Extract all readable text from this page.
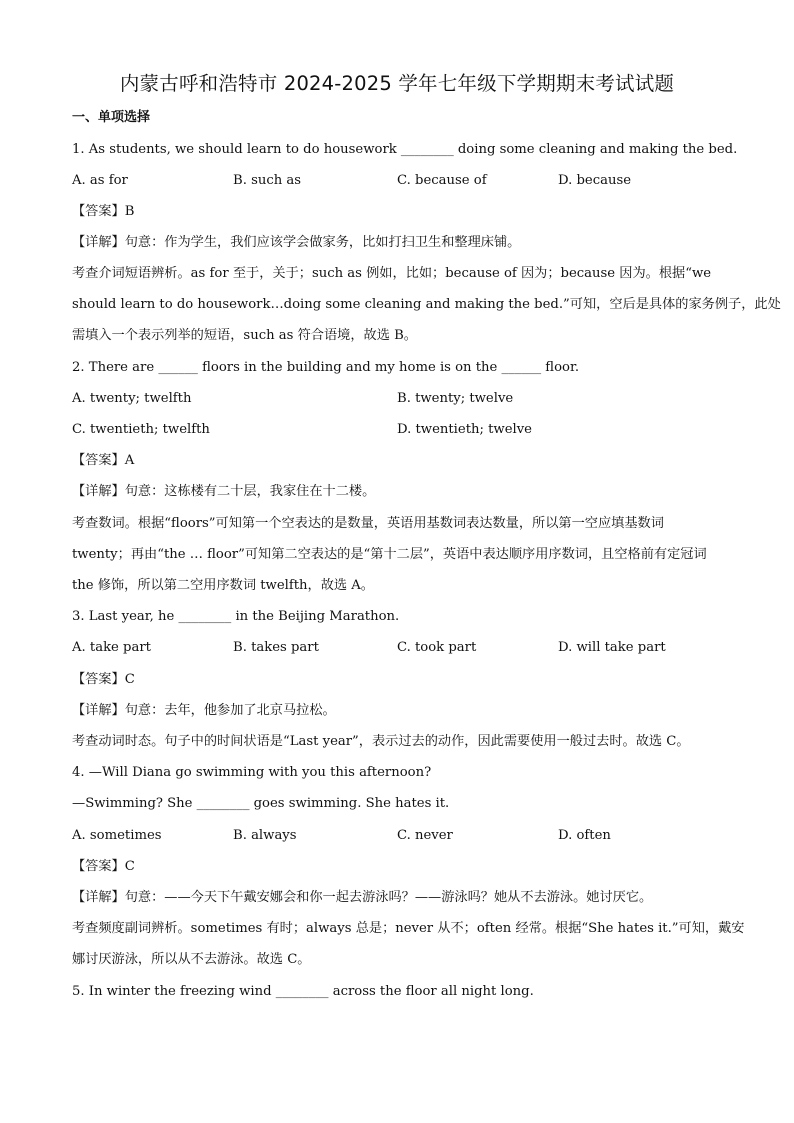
内蒙古呼和浩特市 2024-2025 学年七年级下学期期末考试试题
一、单项选择
1. As students, we should learn to do housework ________ doing some cleaning and making the bed.
A. as for	B. such as	C. because of	D. because
【答案】B
【详解】句意：作为学生，我们应该学会做家务，比如打扫卫生和整理床铺。
考查介词短语辨析。as for 至于，关于；such as 例如，比如；because of 因为；because 因为。根据“we
should learn to do housework…doing some cleaning and making the bed.”可知，空后是具体的家务例子，此处
需填入一个表示列举的短语，such as 符合语境，故选 B。
2. There are ______ floors in the building and my home is on the ______ floor.
A. twenty; twelfth	B. twenty; twelve
C. twentieth; twelfth	D. twentieth; twelve
【答案】A
【详解】句意：这栋楼有二十层，我家住在十二楼。
考查数词。根据“floors”可知第一个空表达的是数量，英语用基数词表达数量，所以第一空应填基数词
twenty；再由“the … floor”可知第二空表达的是“第十二层”，英语中表达顺序用序数词，且空格前有定冠词
the 修饰，所以第二空用序数词 twelfth，故选 A。
3. Last year, he ________ in the Beijing Marathon.
A. take part	B. takes part	C. took part	D. will take part
【答案】C
【详解】句意：去年，他参加了北京马拉松。
考查动词时态。句子中的时间状语是“Last year”，表示过去的动作，因此需要使用一般过去时。故选 C。
4. —Will Diana go swimming with you this afternoon?
—Swimming? She ________ goes swimming. She hates it.
A. sometimes	B. always	C. never	D. often
【答案】C
【详解】句意：——今天下午戴安娜会和你一起去游泳吗？——游泳吗？她从不去游泳。她讨厌它。
考查频度副词辨析。sometimes 有时；always 总是；never 从不；often 经常。根据“She hates it.”可知，戴安
娜讨厌游泳，所以从不去游泳。故选 C。
5. In winter the freezing wind ________ across the floor all night long.
